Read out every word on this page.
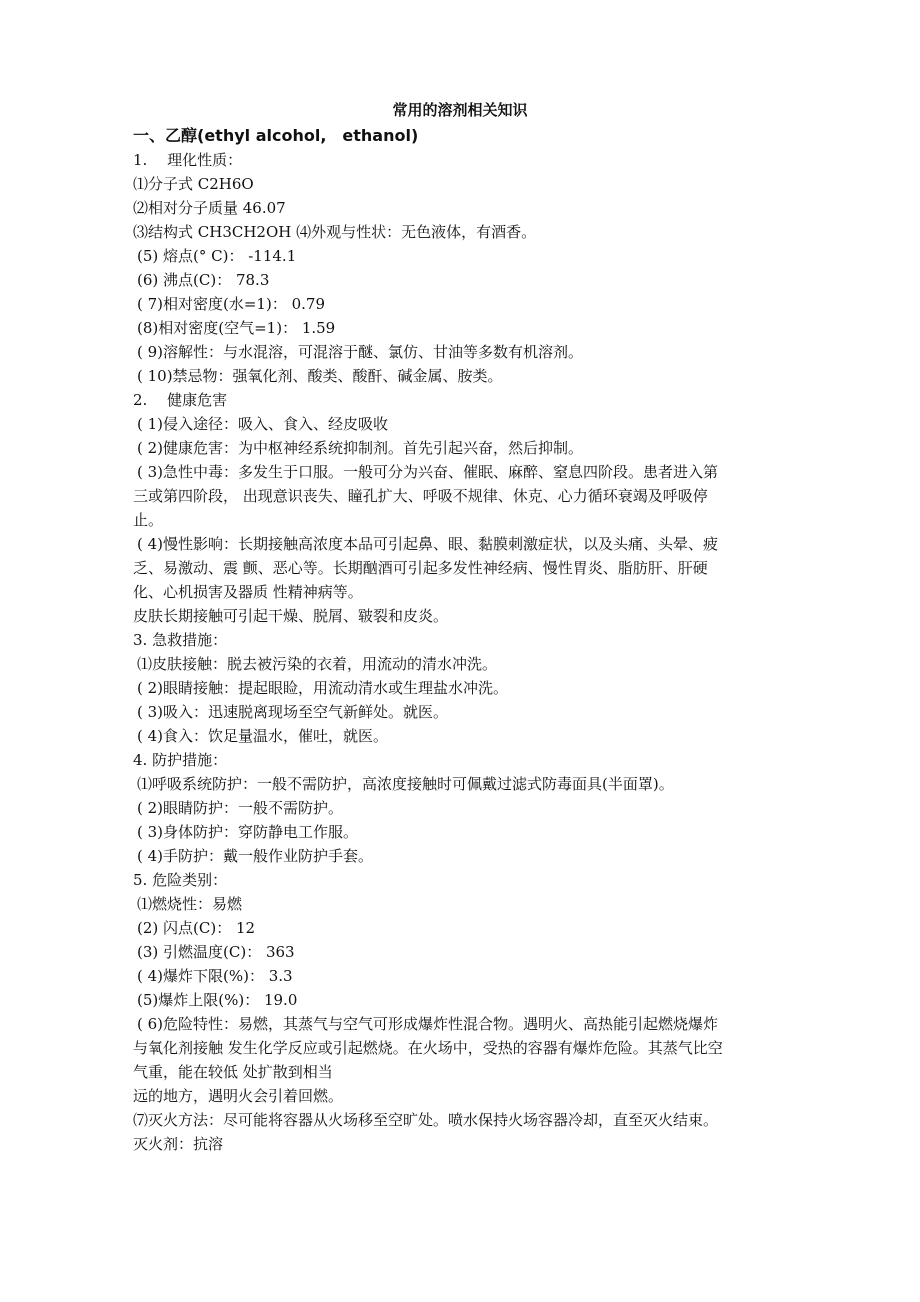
常用的溶剂相关知识
一、乙醇(ethyl alcohol,　ethanol)
1.　 理化性质：
⑴分子式 C2H6O
⑵相对分子质量 46.07
⑶结构式 CH3CH2OH ⑷外观与性状：无色液体，有酒香。
(5) 熔点(° C)： -114.1
(6) 沸点(C)： 78.3
( 7)相对密度(水=1)： 0.79
(8)相对密度(空气=1)： 1.59
( 9)溶解性：与水混溶，可混溶于醚、氯仿、甘油等多数有机溶剂。
( 10)禁忌物：强氧化剂、酸类、酸酐、碱金属、胺类。
2.　 健康危害
( 1)侵入途径：吸入、食入、经皮吸收
( 2)健康危害：为中枢神经系统抑制剂。首先引起兴奋，然后抑制。
( 3)急性中毒：多发生于口服。一般可分为兴奋、催眠、麻醉、窒息四阶段。患者进入第
三或第四阶段， 出现意识丧失、瞳孔扩大、呼吸不规律、休克、心力循环衰竭及呼吸停
止。
( 4)慢性影响：长期接触高浓度本品可引起鼻、眼、黏膜刺激症状，以及头痛、头晕、疲
乏、易激动、震 颤、恶心等。长期酗酒可引起多发性神经病、慢性胃炎、脂肪肝、肝硬
化、心机损害及器质 性精神病等。
皮肤长期接触可引起干燥、脱屑、皲裂和皮炎。
3. 急救措施：
⑴皮肤接触：脱去被污染的衣着，用流动的清水冲洗。
( 2)眼睛接触：提起眼睑，用流动清水或生理盐水冲洗。
( 3)吸入：迅速脱离现场至空气新鲜处。就医。
( 4)食入：饮足量温水，催吐，就医。
4. 防护措施：
⑴呼吸系统防护：一般不需防护，高浓度接触时可佩戴过滤式防毒面具(半面罩)。
( 2)眼睛防护：一般不需防护。
( 3)身体防护：穿防静电工作服。
( 4)手防护：戴一般作业防护手套。
5. 危险类别：
⑴燃烧性：易燃
(2) 闪点(C)： 12
(3) 引燃温度(C)： 363
( 4)爆炸下限(%)： 3.3
(5)爆炸上限(%)： 19.0
( 6)危险特性：易燃，其蒸气与空气可形成爆炸性混合物。遇明火、高热能引起燃烧爆炸
与氧化剂接触 发生化学反应或引起燃烧。在火场中，受热的容器有爆炸危险。其蒸气比空
气重，能在较低 处扩散到相当
远的地方，遇明火会引着回燃。
⑺灭火方法：尽可能将容器从火场移至空旷处。喷水保持火场容器冷却，直至灭火结束。
灭火剂：抗溶
